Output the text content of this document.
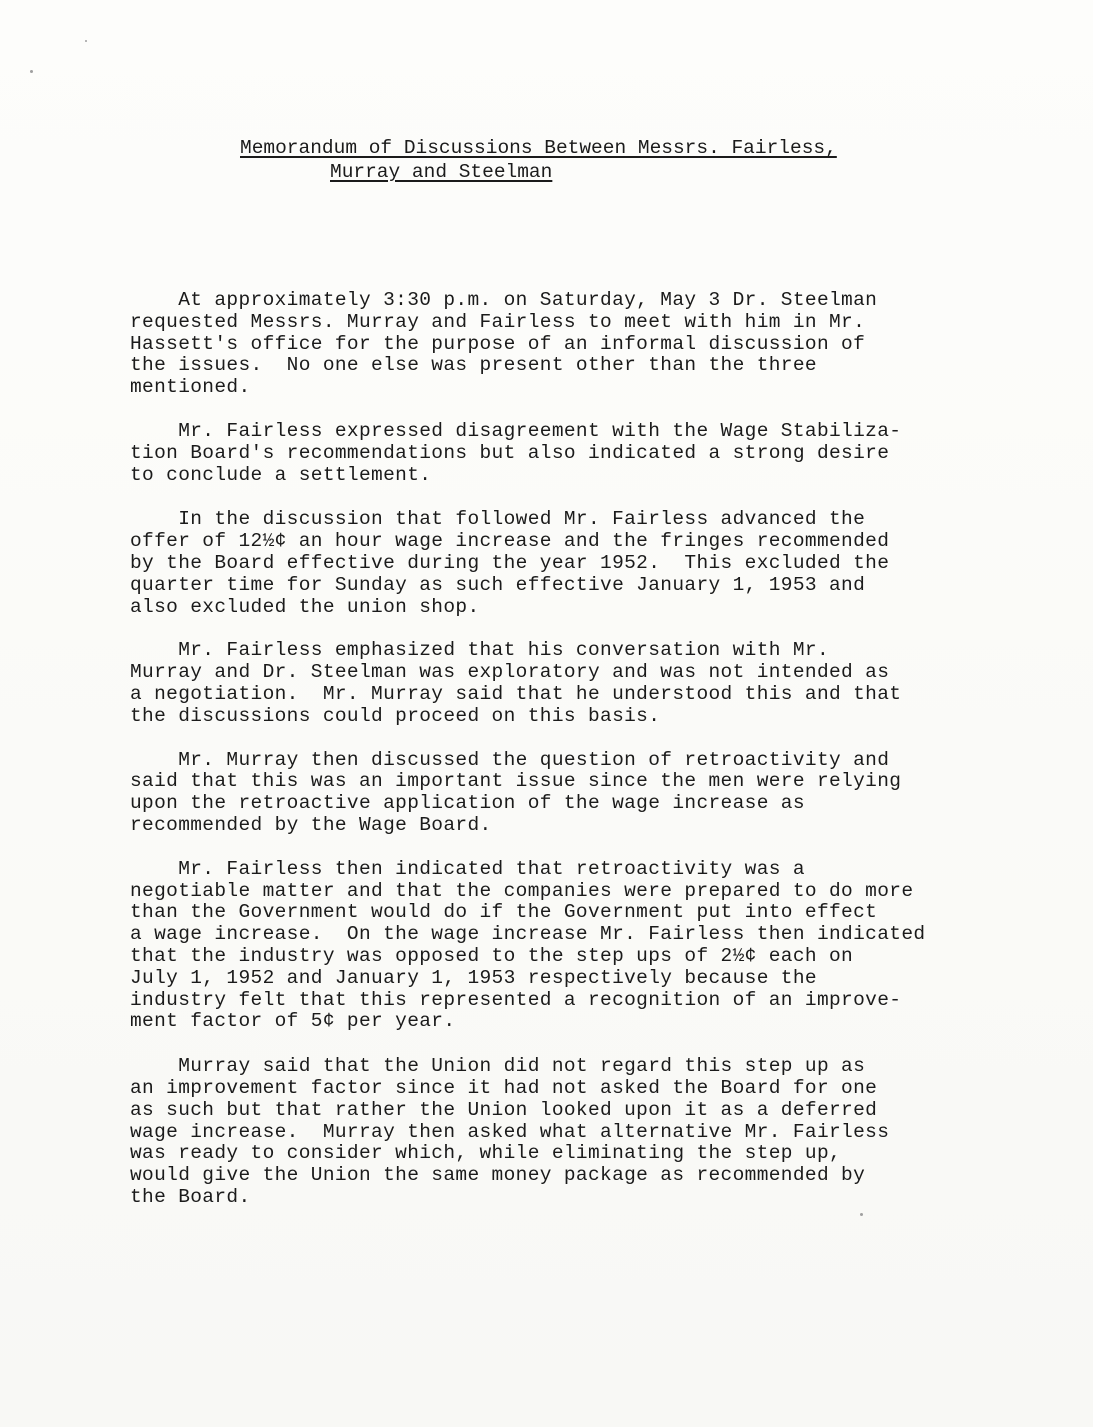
Memorandum of Discussions Between Messrs. Fairless,
Murray and Steelman
At approximately 3:30 p.m. on Saturday, May 3 Dr. Steelman
requested Messrs. Murray and Fairless to meet with him in Mr.
Hassett's office for the purpose of an informal discussion of
the issues.  No one else was present other than the three
mentioned.
Mr. Fairless expressed disagreement with the Wage Stabiliza-
tion Board's recommendations but also indicated a strong desire
to conclude a settlement.
In the discussion that followed Mr. Fairless advanced the
offer of 12½¢ an hour wage increase and the fringes recommended
by the Board effective during the year 1952.  This excluded the
quarter time for Sunday as such effective January 1, 1953 and
also excluded the union shop.
Mr. Fairless emphasized that his conversation with Mr.
Murray and Dr. Steelman was exploratory and was not intended as
a negotiation.  Mr. Murray said that he understood this and that
the discussions could proceed on this basis.
Mr. Murray then discussed the question of retroactivity and
said that this was an important issue since the men were relying
upon the retroactive application of the wage increase as
recommended by the Wage Board.
Mr. Fairless then indicated that retroactivity was a
negotiable matter and that the companies were prepared to do more
than the Government would do if the Government put into effect
a wage increase.  On the wage increase Mr. Fairless then indicated
that the industry was opposed to the step ups of 2½¢ each on
July 1, 1952 and January 1, 1953 respectively because the
industry felt that this represented a recognition of an improve-
ment factor of 5¢ per year.
Murray said that the Union did not regard this step up as
an improvement factor since it had not asked the Board for one
as such but that rather the Union looked upon it as a deferred
wage increase.  Murray then asked what alternative Mr. Fairless
was ready to consider which, while eliminating the step up,
would give the Union the same money package as recommended by
the Board.
